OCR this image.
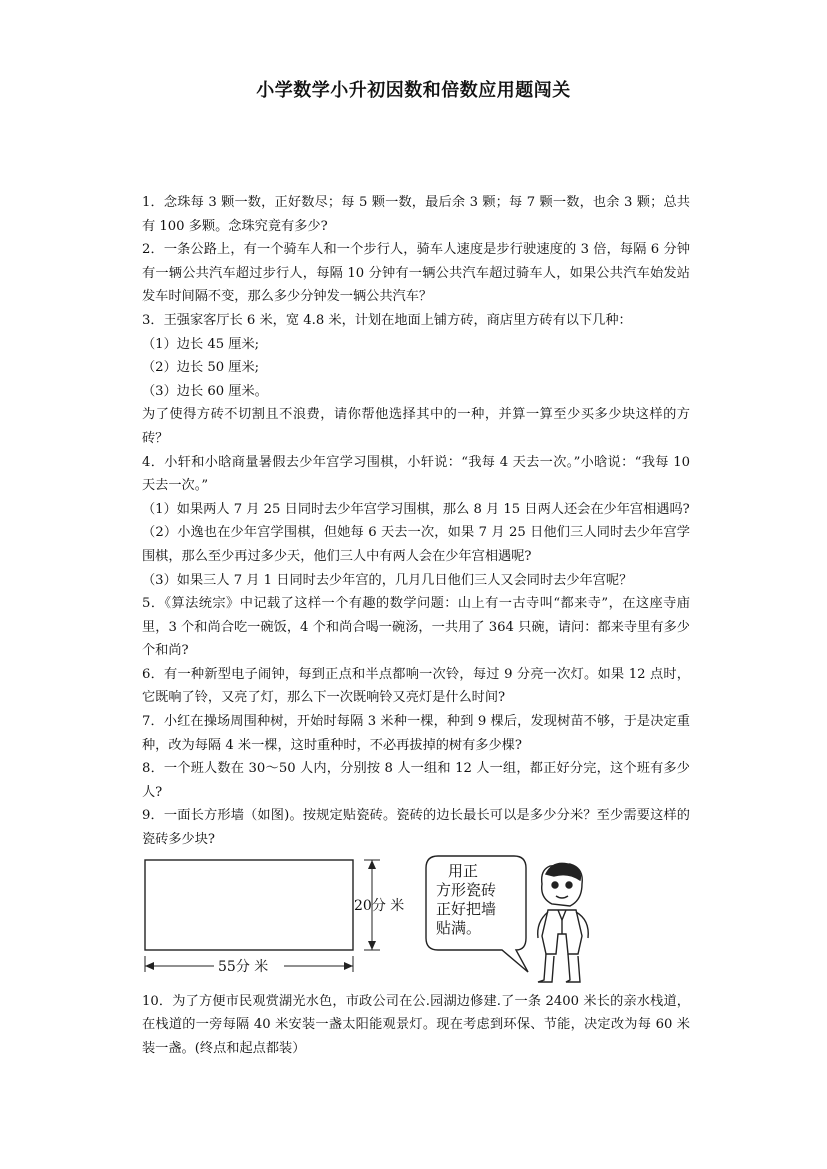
小学数学小升初因数和倍数应用题闯关

1．念珠每 3 颗一数，正好数尽；每 5 颗一数，最后余 3 颗；每 7 颗一数，也余 3 颗；总共有 100 多颗。念珠究竟有多少?

2．一条公路上，有一个骑车人和一个步行人，骑车人速度是步行驶速度的 3 倍，每隔 6 分钟有一辆公共汽车超过步行人，每隔 10 分钟有一辆公共汽车超过骑车人，如果公共汽车始发站发车时间隔不变，那么多少分钟发一辆公共汽车？

3．王强家客厅长 6 米，宽 4.8 米，计划在地面上铺方砖，商店里方砖有以下几种：

（1）边长 45 厘米;

（2）边长 50 厘米;

（3）边长 60 厘米。

为了使得方砖不切割且不浪费，请你帮他选择其中的一种，并算一算至少买多少块这样的方砖？

4．小轩和小晗商量暑假去少年宫学习围棋，小轩说：“我每 4 天去一次。”小晗说：“我每 10 天去一次。”

（1）如果两人 7 月 25 日同时去少年宫学习围棋，那么 8 月 15 日两人还会在少年宫相遇吗?

（2）小逸也在少年宫学围棋，但她每 6 天去一次，如果 7 月 25 日他们三人同时去少年宫学围棋，那么至少再过多少天，他们三人中有两人会在少年宫相遇呢?

（3）如果三人 7 月 1 日同时去少年宫的，几月几日他们三人又会同时去少年宫呢？

5．《算法统宗》中记载了这样一个有趣的数学问题：山上有一古寺叫“都来寺”，在这座寺庙里，3 个和尚合吃一碗饭，4 个和尚合喝一碗汤，一共用了 364 只碗，请问：都来寺里有多少个和尚?

6．有一种新型电子闹钟，每到正点和半点都响一次铃，每过 9 分亮一次灯。如果 12 点时，它既响了铃，又亮了灯，那么下一次既响铃又亮灯是什么时间?

7．小红在操场周围种树，开始时每隔 3 米种一棵，种到 9 棵后，发现树苗不够，于是决定重种，改为每隔 4 米一棵，这时重种时，不必再拔掉的树有多少棵?

8．一个班人数在 30～50 人内，分别按 8 人一组和 12 人一组，都正好分完，这个班有多少人?

9．一面长方形墙（如图)。按规定贴瓷砖。瓷砖的边长最长可以是多少分米？至少需要这样的瓷砖多少块?

20分 米
55分 米
用正
方形瓷砖
正好把墙
贴满。

10．为了方便市民观赏湖光水色，市政公司在公.园湖边修建.了一条 2400 米长的亲水栈道，在栈道的一旁每隔 40 米安装一盏太阳能观景灯。现在考虑到环保、节能，决定改为每 60 米装一盏。(终点和起点都装）
